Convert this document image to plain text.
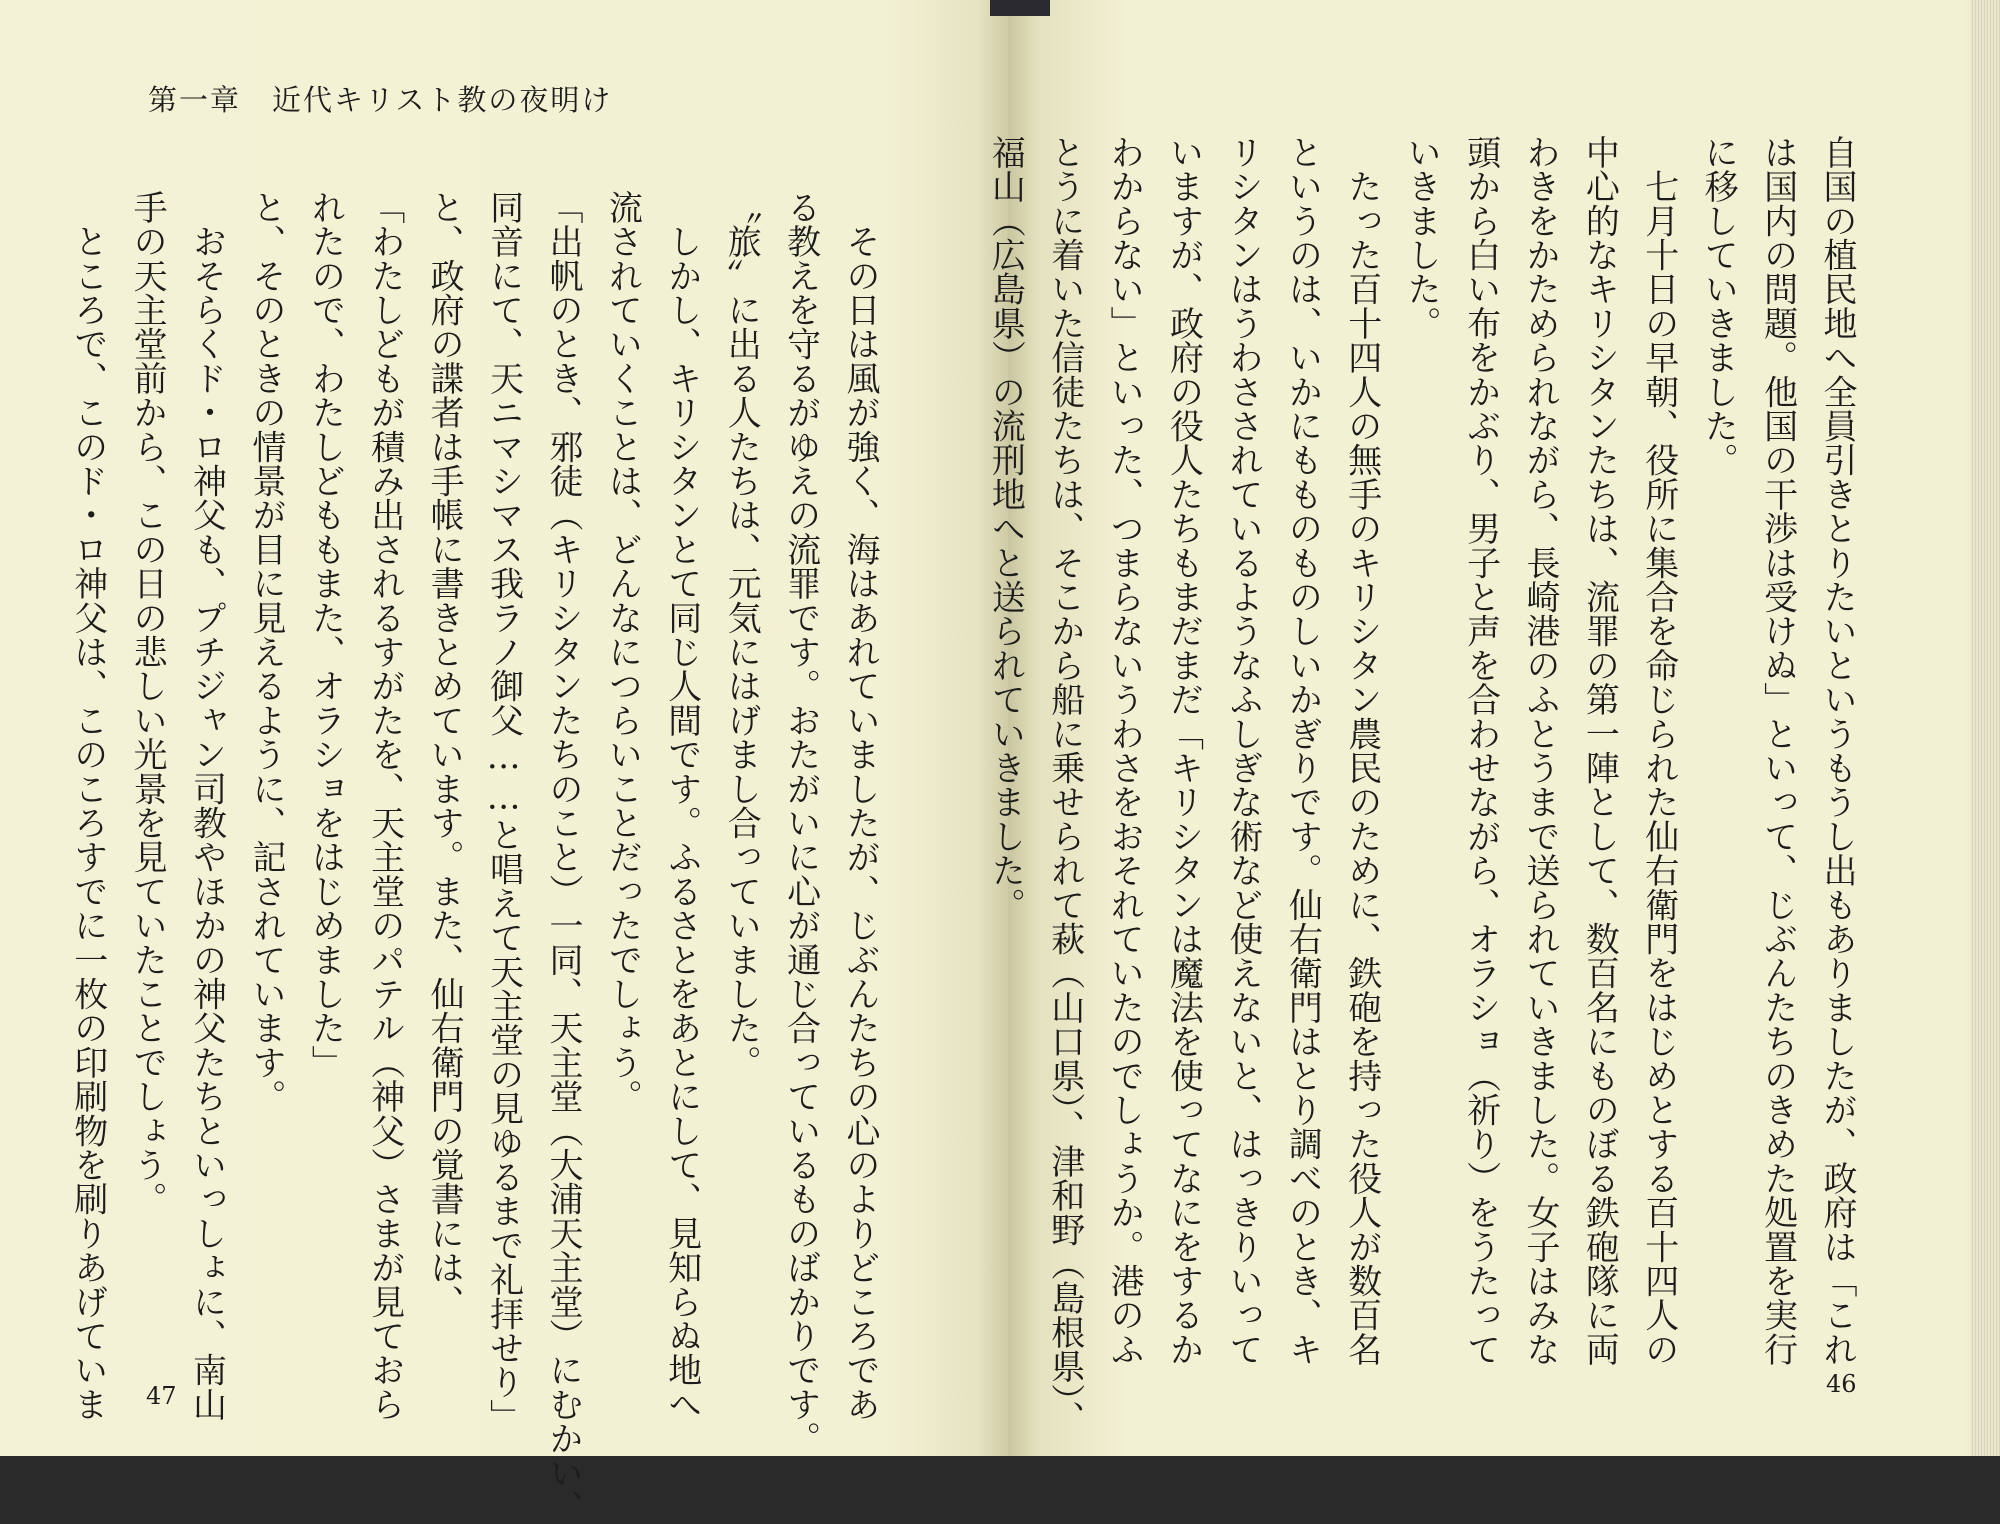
第一章　近代キリスト教の夜明け
　その日は風が強く、海はあれていましたが、じぶんたちの心のよりどころであ
る教えを守るがゆえの流罪です。おたがいに心が通じ合っているものばかりです。
〝旅〟に出る人たちは、元気にはげまし合っていました。
　しかし、キリシタンとて同じ人間です。ふるさとをあとにして、見知らぬ地へ
流されていくことは、どんなにつらいことだったでしょう。
「出帆のとき、邪徒（キリシタンたちのこと）一同、天主堂（大浦天主堂）にむかい、
同音にて、天ニマシマス我ラノ御父……と唱えて天主堂の見ゆるまで礼拝せり」
と、政府の諜者は手帳に書きとめています。また、仙右衛門の覚書には、
「わたしどもが積み出されるすがたを、天主堂のパテル（神父）さまが見ておら
れたので、わたしどももまた、オラショをはじめました」
と、そのときの情景が目に見えるように、記されています。
　おそらくド・ロ神父も、プチジャン司教やほかの神父たちといっしょに、南山
手の天主堂前から、この日の悲しい光景を見ていたことでしょう。
　ところで、このド・ロ神父は、このころすでに一枚の印刷物を刷りあげていま	47
自国の植民地へ全員引きとりたいというもうし出もありましたが、政府は「これ
は国内の問題。他国の干渉は受けぬ」といって、じぶんたちのきめた処置を実行
に移していきました。
　七月十日の早朝、役所に集合を命じられた仙右衛門をはじめとする百十四人の
中心的なキリシタンたちは、流罪の第一陣として、数百名にものぼる鉄砲隊に両
わきをかためられながら、長崎港のふとうまで送られていきました。女子はみな
頭から白い布をかぶり、男子と声を合わせながら、オラショ（祈り）をうたって
いきました。
　たった百十四人の無手のキリシタン農民のために、鉄砲を持った役人が数百名
というのは、いかにもものものしいかぎりです。仙右衛門はとり調べのとき、キ
リシタンはうわさされているようなふしぎな術など使えないと、はっきりいって
いますが、政府の役人たちもまだまだ「キリシタンは魔法を使ってなにをするか
わからない」といった、つまらないうわさをおそれていたのでしょうか。港のふ
とうに着いた信徒たちは、そこから船に乗せられて萩（山口県）、津和野（島根県）、
福山（広島県）の流刑地へと送られていきました。
46
